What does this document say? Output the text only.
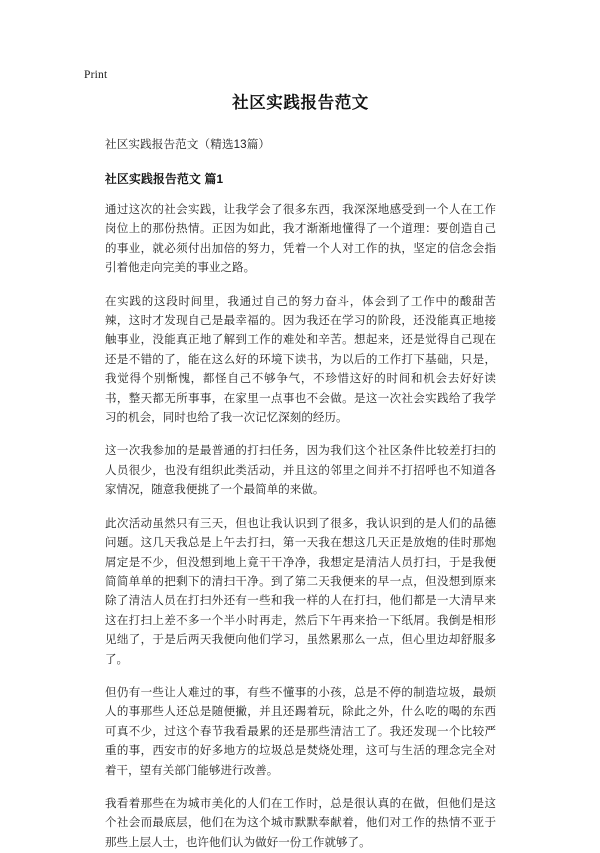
Print
社区实践报告范文

社区实践报告范文（精选13篇）

社区实践报告范文 篇1

通过这次的社会实践，让我学会了很多东西，我深深地感受到一个人在工作岗位上的那份热情。正因为如此，我才渐渐地懂得了一个道理：要创造自己的事业，就必须付出加倍的努力，凭着一个人对工作的执，坚定的信念会指引着他走向完美的事业之路。

在实践的这段时间里，我通过自己的努力奋斗，体会到了工作中的酸甜苦辣，这时才发现自己是最幸福的。因为我还在学习的阶段，还没能真正地接触事业，没能真正地了解到工作的难处和辛苦。想起来，还是觉得自己现在还是不错的了，能在这么好的环境下读书，为以后的工作打下基础，只是，我觉得个别惭愧，都怪自己不够争气，不珍惜这好的时间和机会去好好读书，整天都无所事事，在家里一点事也不会做。是这一次社会实践给了我学习的机会，同时也给了我一次记忆深刻的经历。

这一次我参加的是最普通的打扫任务，因为我们这个社区条件比较差打扫的人员很少，也没有组织此类活动，并且这的邻里之间并不打招呼也不知道各家情况，随意我便挑了一个最简单的来做。

此次活动虽然只有三天，但也让我认识到了很多，我认识到的是人们的品德问题。这几天我总是上午去打扫，第一天我在想这几天正是放炮的佳时那炮屑定是不少，但没想到地上竟干干净净，我想定是清洁人员打扫，于是我便简简单单的把剩下的清扫干净。到了第二天我便来的早一点，但没想到原来除了清洁人员在打扫外还有一些和我一样的人在打扫，他们都是一大清早来这在打扫上差不多一个半小时再走，然后下午再来拾一下纸屑。我倒是相形见绌了，于是后两天我便向他们学习，虽然累那么一点，但心里边却舒服多了。

但仍有一些让人难过的事，有些不懂事的小孩，总是不停的制造垃圾，最烦人的事那些人还总是随便撇，并且还踢着玩，除此之外，什么吃的喝的东西可真不少，过这个春节我看最累的还是那些清洁工了。我还发现一个比较严重的事，西安市的好多地方的垃圾总是焚烧处理，这可与生活的理念完全对着干，望有关部门能够进行改善。

我看着那些在为城市美化的人们在工作时，总是很认真的在做，但他们是这个社会而最底层，他们在为这个城市默默奉献着，他们对工作的热情不亚于那些上层人士，也许他们认为做好一份工作就够了。
